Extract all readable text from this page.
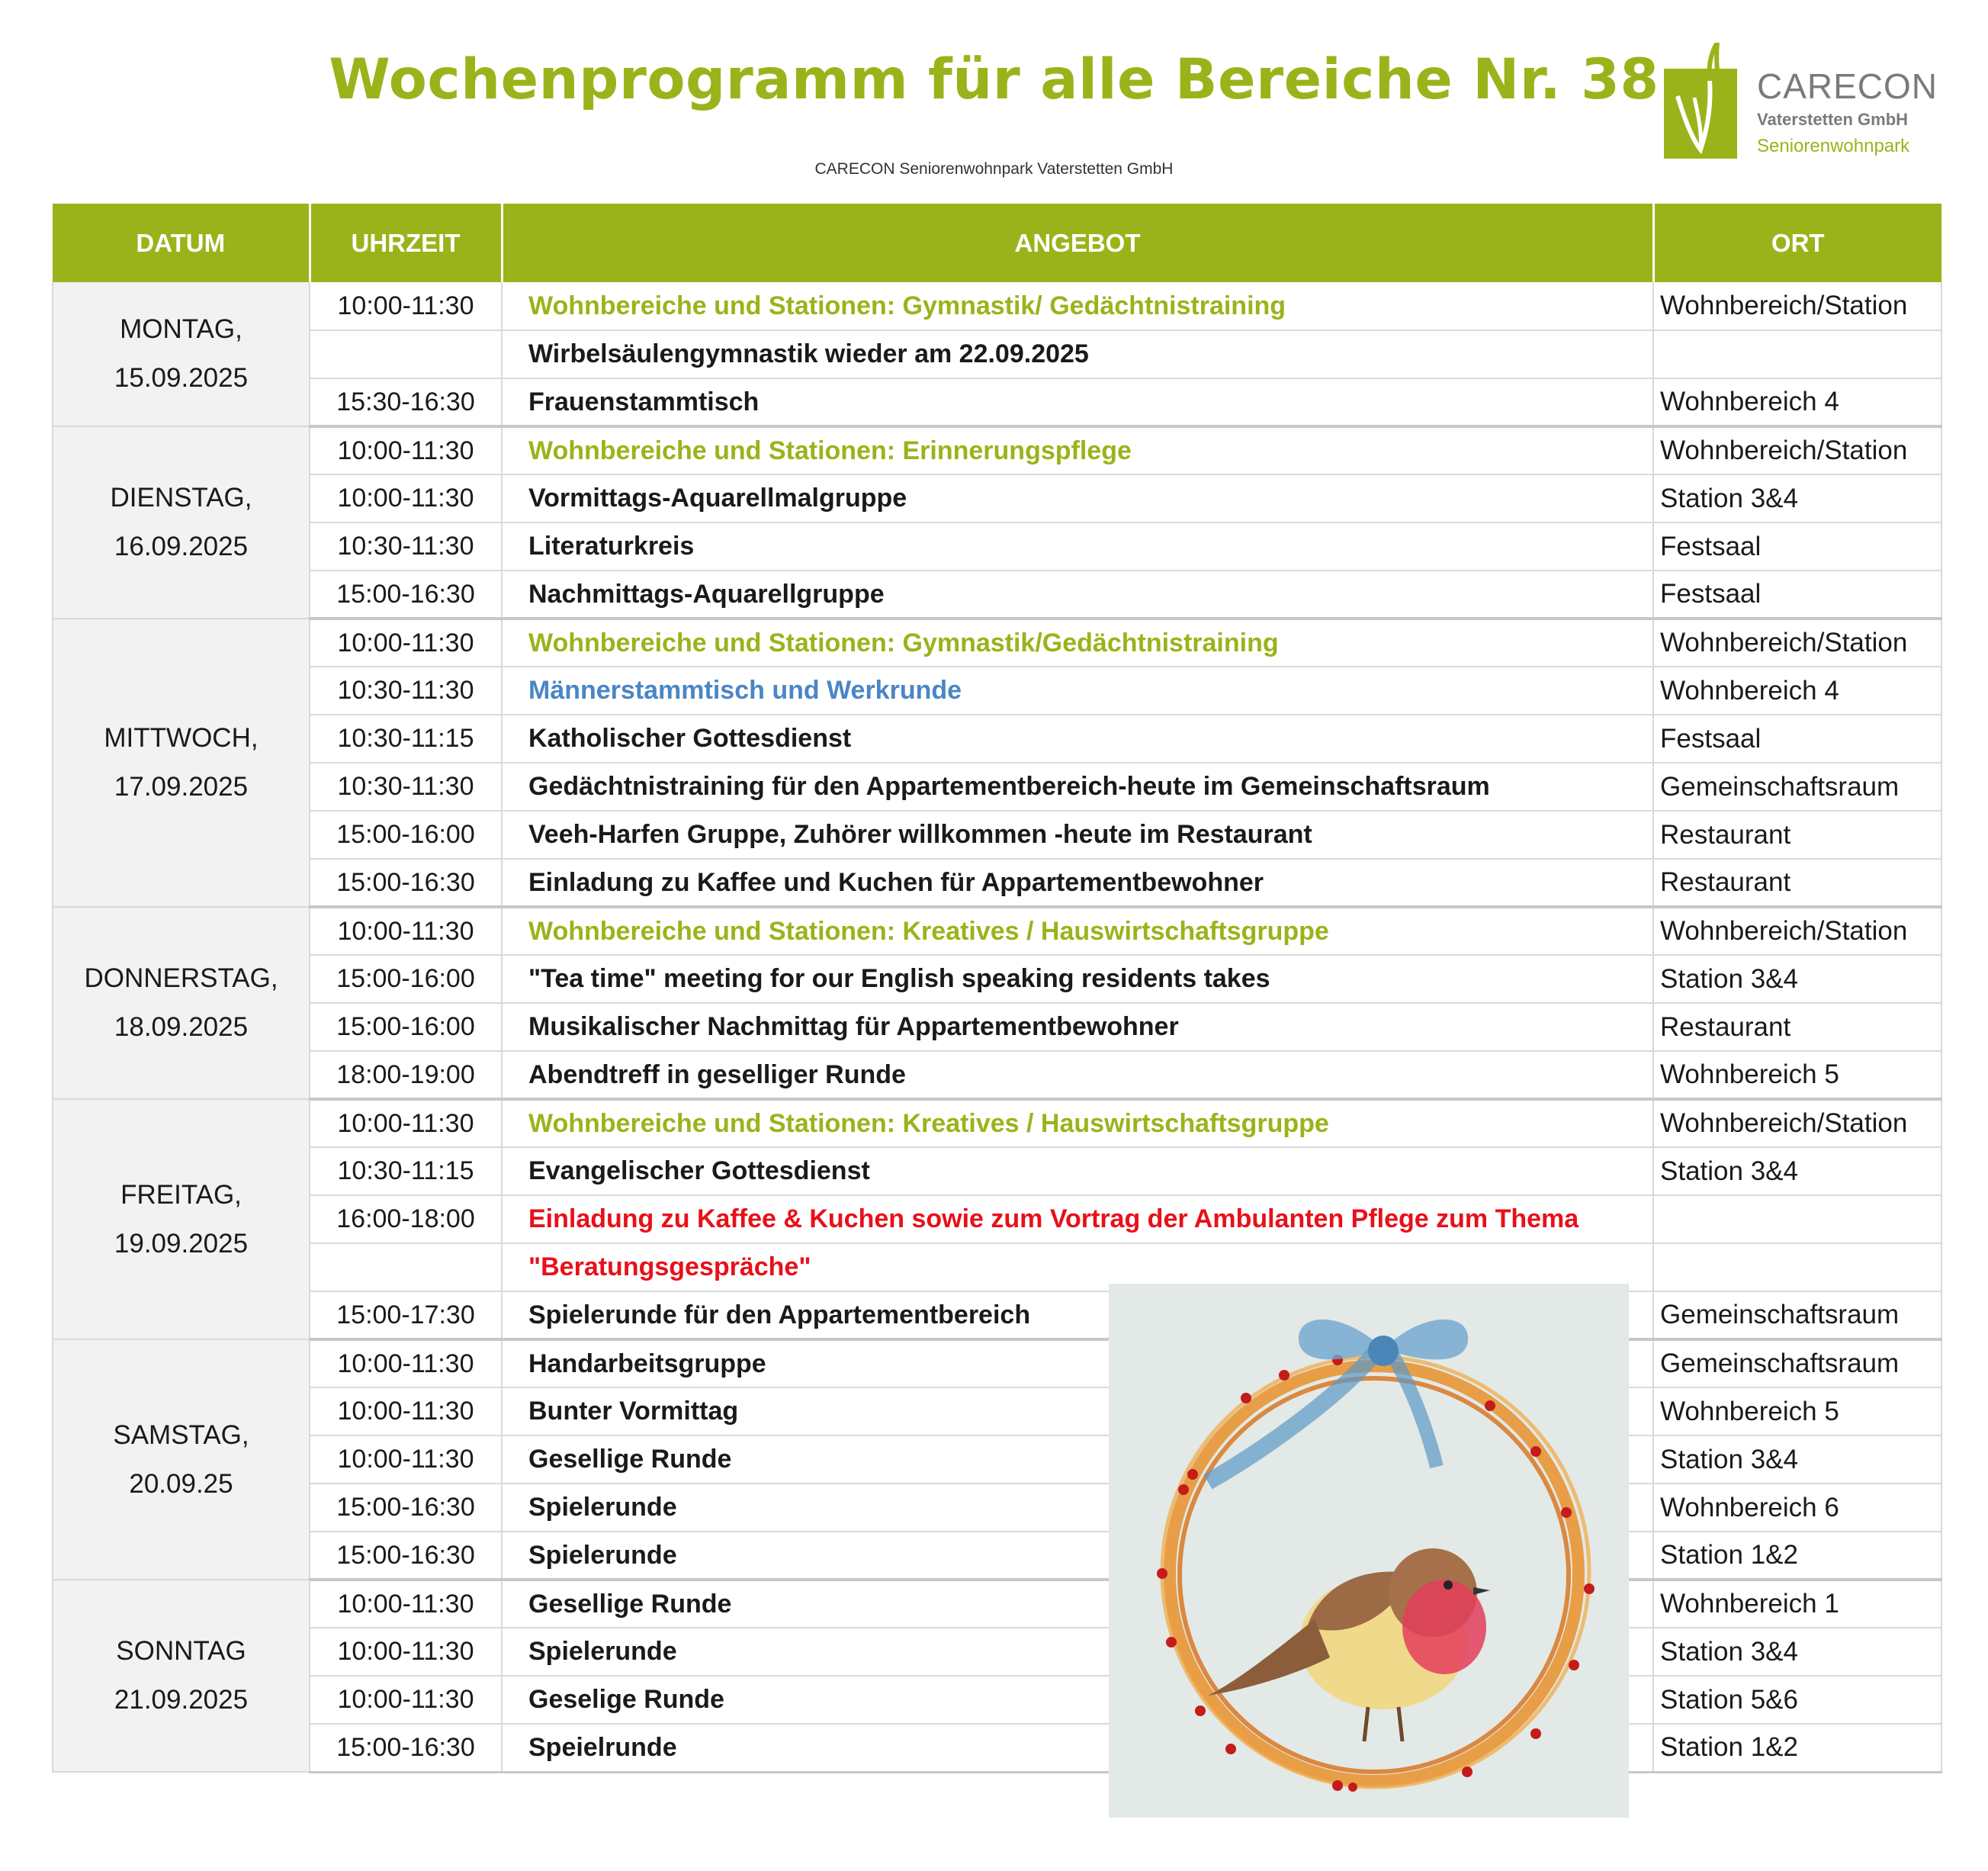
Wochenprogramm für alle Bereiche Nr. 38
CARECON Seniorenwohnpark Vaterstetten GmbH
CARECON
Vaterstetten GmbH
Seniorenwohnpark
DATUM	UHRZEIT	ANGEBOT	ORT

MONTAG,
15.09.2025	10:00-11:30	Wohnbereiche und Stationen: Gymnastik/ Gedächtnistraining	Wohnbereich/Station
		Wirbelsäulengymnastik wieder am 22.09.2025	
	15:30-16:30	Frauenstammtisch	Wohnbereich 4

DIENSTAG,
16.09.2025	10:00-11:30	Wohnbereiche und Stationen: Erinnerungspflege	Wohnbereich/Station
	10:00-11:30	Vormittags-Aquarellmalgruppe	Station 3&4
	10:30-11:30	Literaturkreis	Festsaal
	15:00-16:30	Nachmittags-Aquarellgruppe	Festsaal

MITTWOCH,
17.09.2025	10:00-11:30	Wohnbereiche und Stationen: Gymnastik/Gedächtnistraining	Wohnbereich/Station
	10:30-11:30	Männerstammtisch und Werkrunde	Wohnbereich 4
	10:30-11:15	Katholischer Gottesdienst	Festsaal
	10:30-11:30	Gedächtnistraining für den Appartementbereich-heute im Gemeinschaftsraum	Gemeinschaftsraum
	15:00-16:00	Veeh-Harfen Gruppe, Zuhörer willkommen -heute im Restaurant	Restaurant
	15:00-16:30	Einladung zu Kaffee und Kuchen für Appartementbewohner	Restaurant

DONNERSTAG,
18.09.2025	10:00-11:30	Wohnbereiche und Stationen: Kreatives / Hauswirtschaftsgruppe	Wohnbereich/Station
	15:00-16:00	"Tea time" meeting for our English speaking residents takes	Station 3&4
	15:00-16:00	Musikalischer Nachmittag für Appartementbewohner	Restaurant
	18:00-19:00	Abendtreff in geselliger Runde	Wohnbereich 5

FREITAG,
19.09.2025	10:00-11:30	Wohnbereiche und Stationen: Kreatives / Hauswirtschaftsgruppe	Wohnbereich/Station
	10:30-11:15	Evangelischer Gottesdienst	Station 3&4
	16:00-18:00	Einladung zu Kaffee & Kuchen sowie zum Vortrag der Ambulanten Pflege zum Thema	
		"Beratungsgespräche"	
	15:00-17:30	Spielerunde für den Appartementbereich	Gemeinschaftsraum

SAMSTAG,
20.09.25	10:00-11:30	Handarbeitsgruppe	Gemeinschaftsraum
	10:00-11:30	Bunter Vormittag	Wohnbereich 5
	10:00-11:30	Gesellige Runde	Station 3&4
	15:00-16:30	Spielerunde	Wohnbereich 6
	15:00-16:30	Spielerunde	Station 1&2

SONNTAG
21.09.2025	10:00-11:30	Gesellige Runde	Wohnbereich 1
	10:00-11:30	Spielerunde	Station 3&4
	10:00-11:30	Geselige Runde	Station 5&6
	15:00-16:30	Speielrunde	Station 1&2
